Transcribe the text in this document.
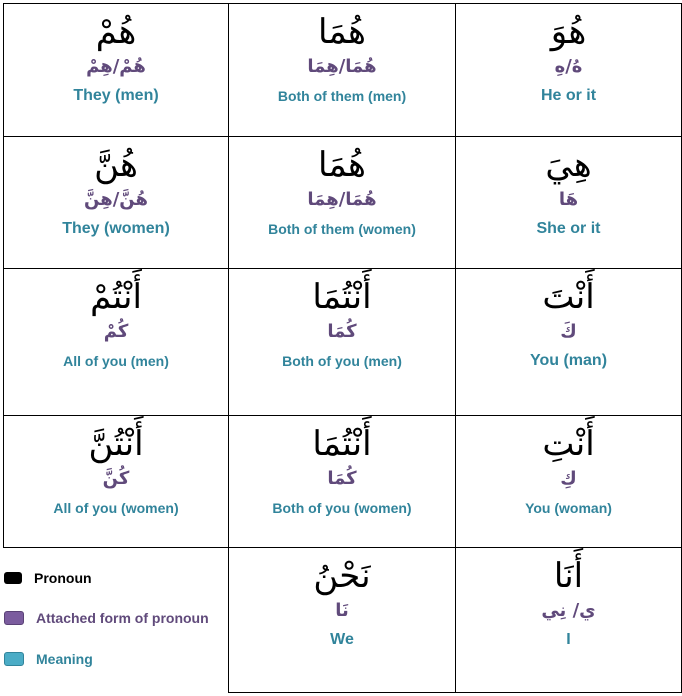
هُمْ
هُمْ/هِمْ
They (men)
هُمَا
هُمَا/هِمَا
Both of them (men)
هُوَ
هُ/هِ
He or it
هُنَّ
هُنَّ/هِنَّ
They (women)
هُمَا
هُمَا/هِمَا
Both of them (women)
هِيَ
هَا
She or it
أَنْتُمْ
كُمْ
All of you (men)
أَنْتُمَا
كُمَا
Both of you (men)
أَنْتَ
كَ
You (man)
أَنْتُنَّ
كُنَّ
All of you (women)
أَنْتُمَا
كُمَا
Both of you (women)
أَنْتِ
كِ
You (woman)
نَحْنُ
نَا
We
أَنَا
ي/ نِي
I
Pronoun
Attached form of pronoun
Meaning
